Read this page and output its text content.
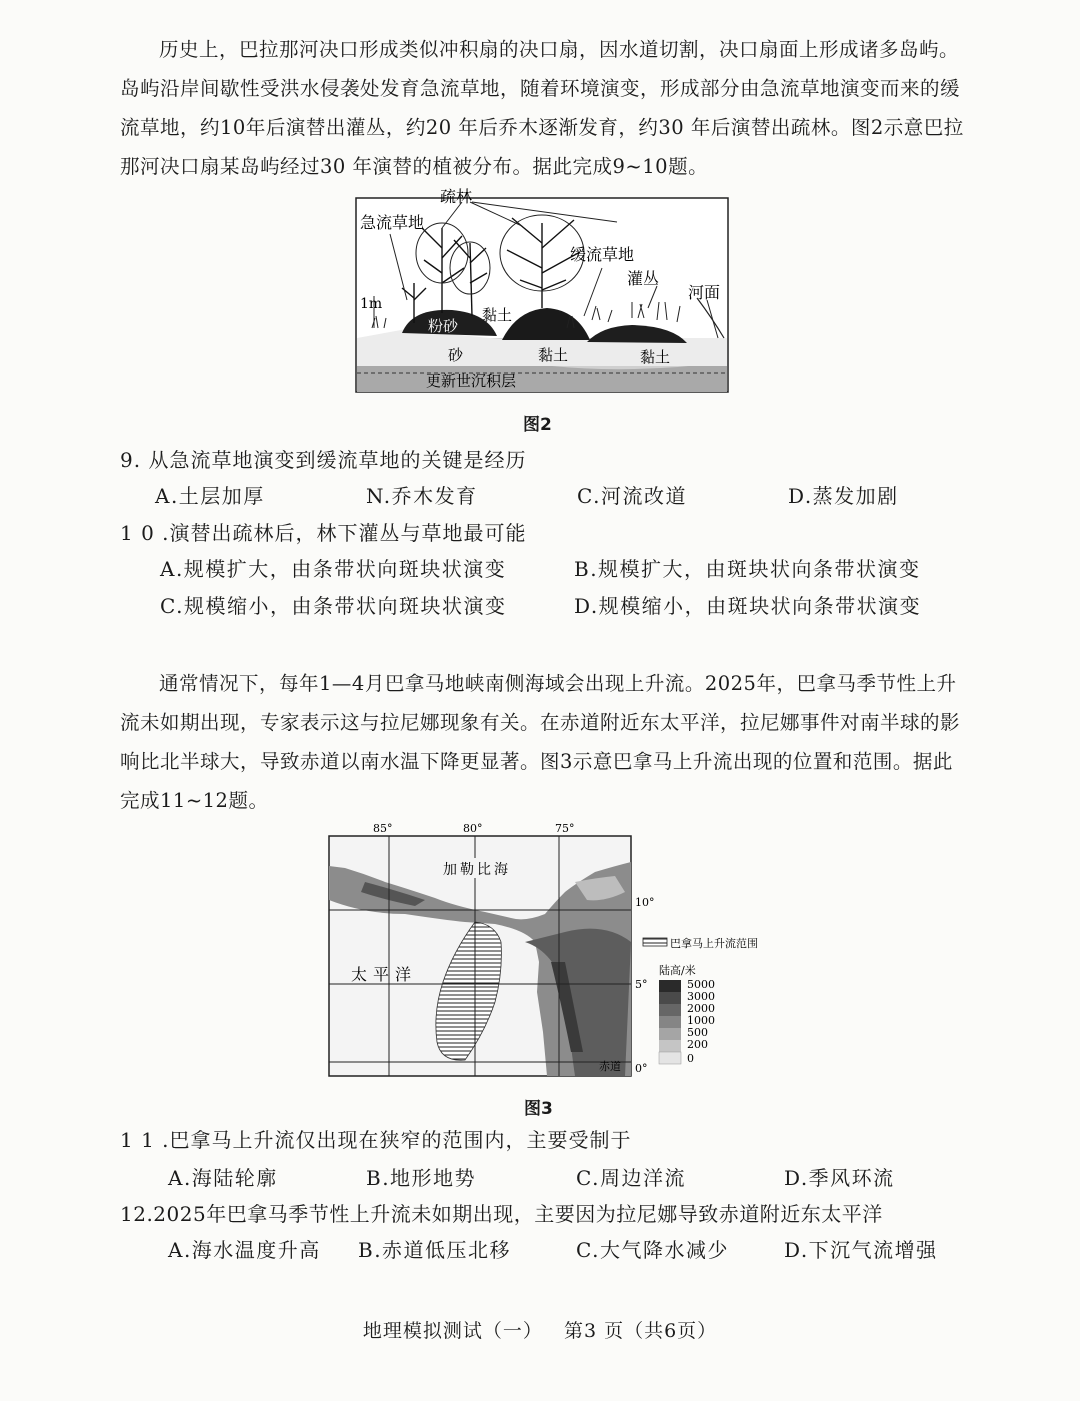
历史上，巴拉那河决口形成类似冲积扇的决口扇，因水道切割，决口扇面上形成诸多岛屿。岛屿沿岸间歇性受洪水侵袭处发育急流草地，随着环境演变，形成部分由急流草地演变而来的缓流草地，约10年后演替出灌丛，约20 年后乔木逐渐发育，约30 年后演替出疏林。图2示意巴拉那河决口扇某岛屿经过30 年演替的植被分布。据此完成9~10题。

疏林
急流草地
缓流草地
灌丛
河面
1m
粉砂
黏土
砂	黏土	黏土
更新世沉积层
图2
9. 从急流草地演变到缓流草地的关键是经历
A.土层加厚	N.乔木发育	C.河流改道	D.蒸发加剧
1 0 .演替出疏林后，林下灌丛与草地最可能
A.规模扩大，由条带状向斑块状演变	B.规模扩大，由斑块状向条带状演变
C.规模缩小，由条带状向斑块状演变	D.规模缩小，由斑块状向条带状演变

通常情况下，每年1—4月巴拿马地峡南侧海域会出现上升流。2025年，巴拿马季节性上升流未如期出现，专家表示这与拉尼娜现象有关。在赤道附近东太平洋，拉尼娜事件对南半球的影响比北半球大，导致赤道以南水温下降更显著。图3示意巴拿马上升流出现的位置和范围。据此完成11~12题。

85°	80°	75°
10°
5°
0°
加勒比海
太平洋
赤道
巴拿马上升流范围
陆高/米
5000
3000
2000
1000
500
200
0
图3
1 1 .巴拿马上升流仅出现在狭窄的范围内，主要受制于
A.海陆轮廓	B.地形地势	C.周边洋流	D.季风环流
12.2025年巴拿马季节性上升流未如期出现，主要因为拉尼娜导致赤道附近东太平洋
A.海水温度升高 B.赤道低压北移	C.大气降水减少	D.下沉气流增强
地理模拟测试（一）   第3 页（共6页）
